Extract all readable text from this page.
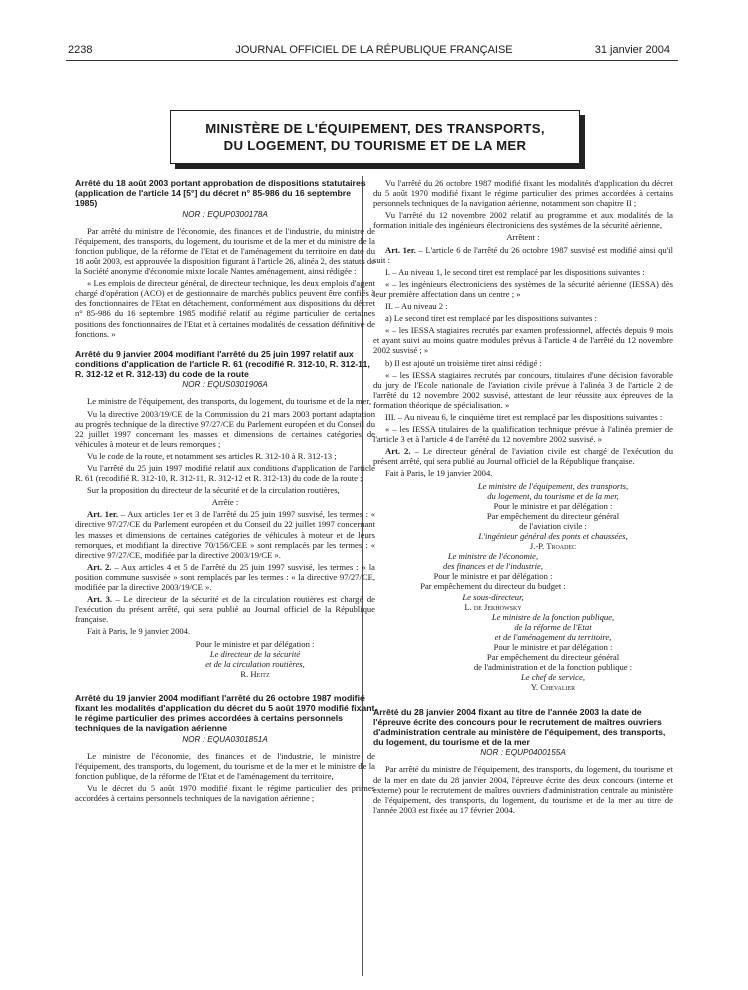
2238	JOURNAL OFFICIEL DE LA RÉPUBLIQUE FRANÇAISE	31 janvier 2004
MINISTÈRE DE L'ÉQUIPEMENT, DES TRANSPORTS,
DU LOGEMENT, DU TOURISME ET DE LA MER
Arrêté du 18 août 2003 portant approbation de dispositions statutaires (application de l'article 14 [5°] du décret n° 85-986 du 16 septembre 1985)
NOR : EQUP0300178A

Par arrêté du ministre de l'économie, des finances et de l'industrie, du ministre de l'équipement, des transports, du logement, du tourisme et de la mer et du ministre de la fonction publique, de la réforme de l'Etat et de l'aménagement du territoire en date du 18 août 2003, est approuvée la disposition figurant à l'article 26, alinéa 2, des statuts de la Société anonyme d'économie mixte locale Nantes aménagement, ainsi rédigée :

« Les emplois de directeur général, de directeur technique, les deux emplois d'agent chargé d'opération (ACO) et de gestionnaire de marchés publics peuvent être confiés à des fonctionnaires de l'Etat en détachement, conformément aux dispositions du décret n° 85-986 du 16 septembre 1985 modifié relatif au régime particulier de certaines positions des fonctionnaires de l'Etat et à certaines modalités de cessation définitive de fonctions. »

Arrêté du 9 janvier 2004 modifiant l'arrêté du 25 juin 1997 relatif aux conditions d'application de l'article R. 61 (recodifié R. 312-10, R. 312-11, R. 312-12 et R. 312-13) du code de la route
NOR : EQUS0301906A

Le ministre de l'équipement, des transports, du logement, du tourisme et de la mer,

Vu la directive 2003/19/CE de la Commission du 21 mars 2003 portant adaptation au progrès technique de la directive 97/27/CE du Parlement européen et du Conseil du 22 juillet 1997 concernant les masses et dimensions de certaines catégories de véhicules à moteur et de leurs remorques ;

Vu le code de la route, et notamment ses articles R. 312-10 à R. 312-13 ;

Vu l'arrêté du 25 juin 1997 modifié relatif aux conditions d'application de l'article R. 61 (recodifié R. 312-10, R. 312-11, R. 312-12 et R. 312-13) du code de la route ;

Sur la proposition du directeur de la sécurité et de la circulation routières,

Arrête :

Art. 1er. – Aux articles 1er et 3 de l'arrêté du 25 juin 1997 susvisé, les termes : « directive 97/27/CE du Parlement européen et du Conseil du 22 juillet 1997 concernant les masses et dimensions de certaines catégories de véhicules à moteur et de leurs remorques, et modifiant la directive 70/156/CEE » sont remplacés par les termes : « directive 97/27/CE, modifiée par la directive 2003/19/CE ».

Art. 2. – Aux articles 4 et 5 de l'arrêté du 25 juin 1997 susvisé, les termes : « la position commune susvisée » sont remplacés par les termes : « la directive 97/27/CE, modifiée par la directive 2003/19/CE ».

Art. 3. – Le directeur de la sécurité et de la circulation routières est chargé de l'exécution du présent arrêté, qui sera publié au Journal officiel de la République française.

Fait à Paris, le 9 janvier 2004.

Pour le ministre et par délégation :
Le directeur de la sécurité
et de la circulation routières,
R. Heitz
Arrêté du 19 janvier 2004 modifiant l'arrêté du 26 octobre 1987 modifié fixant les modalités d'application du décret du 5 août 1970 modifié fixant le régime particulier des primes accordées à certains personnels techniques de la navigation aérienne
NOR : EQUA0301851A

Le ministre de l'économie, des finances et de l'industrie, le ministre de l'équipement, des transports, du logement, du tourisme et de la mer et le ministre de la fonction publique, de la réforme de l'Etat et de l'aménagement du territoire,

Vu le décret du 5 août 1970 modifié fixant le régime particulier des primes accordées à certains personnels techniques de la navigation aérienne ;

Vu l'arrêté du 26 octobre 1987 modifié fixant les modalités d'application du décret du 5 août 1970 modifié fixant le régime particulier des primes accordées à certains personnels techniques de la navigation aérienne, notamment son chapitre II ;

Vu l'arrêté du 12 novembre 2002 relatif au programme et aux modalités de la formation initiale des ingénieurs électroniciens des systèmes de la sécurité aérienne,

Arrêtent :

Art. 1er. – L'article 6 de l'arrêté du 26 octobre 1987 susvisé est modifié ainsi qu'il suit :

I. – Au niveau 1, le second tiret est remplacé par les dispositions suivantes :

« – les ingénieurs électroniciens des systèmes de la sécurité aérienne (IESSA) dès leur première affectation dans un centre ; »

II. – Au niveau 2 :

a) Le second tiret est remplacé par les dispositions suivantes :

« – les IESSA stagiaires recrutés par examen professionnel, affectés depuis 9 mois et ayant suivi au moins quatre modules prévus à l'article 4 de l'arrêté du 12 novembre 2002 susvisé ; »

b) Il est ajouté un troisième tiret ainsi rédigé :

« – les IESSA stagiaires recrutés par concours, titulaires d'une décision favorable du jury de l'Ecole nationale de l'aviation civile prévue à l'alinéa 3 de l'article 2 de l'arrêté du 12 novembre 2002 susvisé, attestant de leur réussite aux épreuves de la formation théorique de spécialisation. »

III. – Au niveau 6, le cinquième tiret est remplacé par les dispositions suivantes :

« – les IESSA titulaires de la qualification technique prévue à l'alinéa premier de l'article 3 et à l'article 4 de l'arrêté du 12 novembre 2002 susvisé. »

Art. 2. – Le directeur général de l'aviation civile est chargé de l'exécution du présent arrêté, qui sera publié au Journal officiel de la République française.

Fait à Paris, le 19 janvier 2004.

Le ministre de l'équipement, des transports,
du logement, du tourisme et de la mer,
Pour le ministre et par délégation :
Par empêchement du directeur général
de l'aviation civile :
L'ingénieur général des ponts et chaussées,
J.-P. Troadec
Le ministre de l'économie,
des finances et de l'industrie,
Pour le ministre et par délégation :
Par empêchement du directeur du budget :
Le sous-directeur,
L. de Jekhowsky
Le ministre de la fonction publique,
de la réforme de l'Etat
et de l'aménagement du territoire,
Pour le ministre et par délégation :
Par empêchement du directeur général
de l'administration et de la fonction publique :
Le chef de service,
Y. Chevalier
Arrêté du 28 janvier 2004 fixant au titre de l'année 2003 la date de l'épreuve écrite des concours pour le recrutement de maîtres ouvriers d'administration centrale au ministère de l'équipement, des transports, du logement, du tourisme et de la mer
NOR : EQUP0400155A

Par arrêté du ministre de l'équipement, des transports, du logement, du tourisme et de la mer en date du 28 janvier 2004, l'épreuve écrite des deux concours (interne et externe) pour le recrutement de maîtres ouvriers d'administration centrale au ministère de l'équipement, des transports, du logement, du tourisme et de la mer au titre de l'année 2003 est fixée au 17 février 2004.
